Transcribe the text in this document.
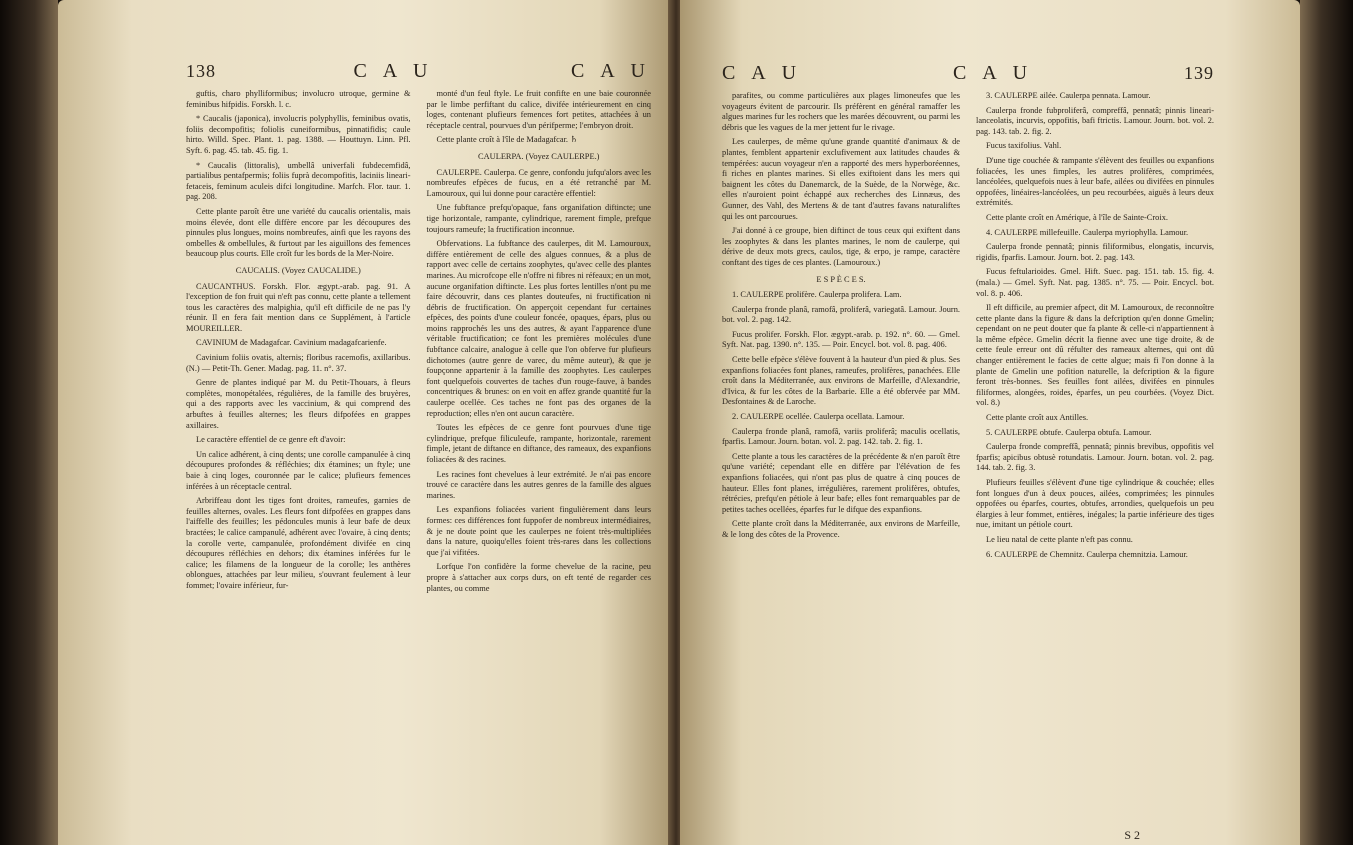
138	C A U	C A U

guftis, charo phylliformibus; involucro utroque, germine & feminibus hifpidis. Forskh. l. c.

* Caucalis (japonica), involucris polyphyllis, feminibus ovatis, foliis decompofitis; foliolis cuneiformibus, pinnatifidis; caule hirto. Willd. Spec. Plant. 1. pag. 1388. — Houttuyn. Linn. Pfl. Syft. 6. pag. 45. tab. 45. fig. 1.

* Caucalis (littoralis), umbellâ univerfali fubdecemfidâ, partialibus pentafpermis; foliis fuprà decompofitis, laciniis lineari-fetaceis, feminum aculeis difci longitudine. Marfch. Flor. taur. 1. pag. 208.

Cette plante paroît être une variété du caucalis orientalis, mais moins élevée, dont elle diffère encore par les découpures des pinnules plus longues, moins nombreufes, ainfi que les rayons des ombelles & ombellules, & furtout par les aiguillons des femences beaucoup plus courts. Elle croît fur les bords de la Mer-Noire.

CAUCALIS. (Voyez CAUCALIDE.)

CAUCANTHUS. Forskh. Flor. ægypt.-arab. pag. 91. A l'exception de fon fruit qui n'eft pas connu, cette plante a tellement tous les caractères des malpighia, qu'il eft difficile de ne pas l'y réunir. Il en fera fait mention dans ce Supplément, à l'article MOUREILLER.

CAVINIUM de Madagafcar. Cavinium madagafcarienfe.

Cavinium foliis ovatis, alternis; floribus racemofis, axillaribus. (N.) — Petit-Th. Gener. Madag. pag. 11. n°. 37.

Genre de plantes indiqué par M. du Petit-Thouars, à fleurs complètes, monopétalées, régulières, de la famille des bruyères, qui a des rapports avec les vaccinium, & qui comprend des arbuftes à feuilles alternes; les fleurs difpofées en grappes axillaires.

Le caractère effentiel de ce genre eft d'avoir:

Un calice adhérent, à cinq dents; une corolle campanulée à cinq découpures profondes & réfléchies; dix étamines; un ftyle; une baie à cinq loges, couronnée par le calice; plufieurs femences inférées à un réceptacle central.

Arbriffeau dont les tiges font droites, rameufes, garnies de feuilles alternes, ovales. Les fleurs font difpofées en grappes dans l'aiffelle des feuilles; les pédoncules munis à leur bafe de deux bractées; le calice campanulé, adhérent avec l'ovaire, à cinq dents; la corolle verte, campanulée, profondément divifée en cinq découpures réfléchies en dehors; dix étamines inférées fur le calice; les filamens de la longueur de la corolle; les anthères oblongues, attachées par leur milieu, s'ouvrant feulement à leur fommet; l'ovaire inférieur, fur-

monté d'un feul ftyle. Le fruit confifte en une baie couronnée par le limbe perfiftant du calice, divifée intérieurement en cinq loges, contenant plufieurs femences fort petites, attachées à un réceptacle central, pourvues d'un périfperme; l'embryon droit.

Cette plante croît à l'île de Madagafcar. ♄

CAULERPA. (Voyez CAULERPE.)

CAULERPE. Caulerpa. Ce genre, confondu jufqu'alors avec les nombreufes efpèces de fucus, en a été retranché par M. Lamouroux, qui lui donne pour caractère effentiel:

Une fubftance prefqu'opaque, fans organifation diftincte; une tige horizontale, rampante, cylindrique, rarement fimple, prefque toujours rameufe; la fructification inconnue.

Obfervations. La fubftance des caulerpes, dit M. Lamouroux, diffère entièrement de celle des algues connues, & a plus de rapport avec celle de certains zoophytes, qu'avec celle des plantes marines. Au microfcope elle n'offre ni fibres ni réfeaux; en un mot, aucune organifation diftincte. Les plus fortes lentilles n'ont pu me faire découvrir, dans ces plantes douteufes, ni fructification ni débris de fructification. On apperçoit cependant fur certaines efpèces, des points d'une couleur foncée, opaques, épars, plus ou moins rapprochés les uns des autres, & ayant l'apparence d'une véritable fructification; ce font les premières molécules d'une fubftance calcaire, analogue à celle que l'on obferve fur plufieurs dichotomes (autre genre de varec, du même auteur), & que je foupçonne appartenir à la famille des zoophytes. Les caulerpes font quelquefois couvertes de taches d'un rouge-fauve, à bandes concentriques & brunes: on en voit en affez grande quantité fur la caulerpe ocellée. Ces taches ne font pas des organes de la reproduction; elles n'en ont aucun caractère.

Toutes les efpèces de ce genre font pourvues d'une tige cylindrique, prefque filiculeufe, rampante, horizontale, rarement fimple, jetant de diftance en diftance, des rameaux, des expanfions foliacées & des racines.

Les racines font chevelues à leur extrémité. Je n'ai pas encore trouvé ce caractère dans les autres genres de la famille des algues marines.

Les expanfions foliacées varient fingulièrement dans leurs formes: ces différences font fuppofer de nombreux intermédiaires, & je ne doute point que les caulerpes ne foient très-multipliées dans la nature, quoiqu'elles foient très-rares dans les collections que j'ai vifitées.

Lorfque l'on confidère la forme chevelue de la racine, peu propre à s'attacher aux corps durs, on eft tenté de regarder ces plantes, ou comme

C A U	C A U	139

parafites, ou comme particulières aux plages limoneufes que les voyageurs évitent de parcourir. Ils préfèrent en général ramaffer les algues marines fur les rochers que les marées découvrent, ou parmi les débris que les vagues de la mer jettent fur le rivage.

Les caulerpes, de même qu'une grande quantité d'animaux & de plantes, femblent appartenir exclufivement aux latitudes chaudes & tempérées: aucun voyageur n'en a rapporté des mers hyperboréennes, fi riches en plantes marines. Si elles exiftoient dans les mers qui baignent les côtes du Danemarck, de la Suède, de la Norwège, &c. elles n'auroient point échappé aux recherches des Linnæus, des Gunner, des Vahl, des Mertens & de tant d'autres favans naturaliftes qui les ont parcourues.

J'ai donné à ce groupe, bien diftinct de tous ceux qui exiftent dans les zoophytes & dans les plantes marines, le nom de caulerpe, qui dérive de deux mots grecs, caulos, tige, & erpo, je rampe, caractère conftant des tiges de ces plantes. (Lamouroux.)

E S P È C E S.

1. CAULERPE prolifère. Caulerpa prolifera. Lam.

Caulerpa fronde planâ, ramofâ, proliferâ, variegatâ. Lamour. Journ. bot. vol. 2. pag. 142.

Fucus prolifer. Forskh. Flor. ægypt.-arab. p. 192. n°. 60. — Gmel. Syft. Nat. pag. 1390. n°. 135. — Poir. Encycl. bot. vol. 8. pag. 406.

Cette belle efpèce s'élève fouvent à la hauteur d'un pied & plus. Ses expanfions foliacées font planes, rameufes, prolifères, panachées. Elle croît dans la Méditerranée, aux environs de Marfeille, d'Alexandrie, d'Ivica, & fur les côtes de la Barbarie. Elle a été obfervée par MM. Desfontaines & de Laroche.

2. CAULERPE ocellée. Caulerpa ocellata. Lamour.

Caulerpa fronde planâ, ramofâ, variis proliferâ; maculis ocellatis, fparfis. Lamour. Journ. botan. vol. 2. pag. 142. tab. 2. fig. 1.

Cette plante a tous les caractères de la précédente & n'en paroît être qu'une variété; cependant elle en diffère par l'élévation de fes expanfions foliacées, qui n'ont pas plus de quatre à cinq pouces de hauteur. Elles font planes, irrégulières, rarement prolifères, obtufes, rétrécies, prefqu'en pétiole à leur bafe; elles font remarquables par de petites taches ocellées, éparfes fur le difque des expanfions.

Cette plante croît dans la Méditerranée, aux environs de Marfeille, & le long des côtes de la Provence.

3. CAULERPE ailée. Caulerpa pennata. Lamour.

Caulerpa fronde fubproliferâ, compreffâ, pennatâ; pinnis lineari-lanceolatis, incurvis, oppofitis, bafi ftrictis. Lamour. Journ. bot. vol. 2. pag. 143. tab. 2. fig. 2.

Fucus taxifolius. Vahl.

D'une tige couchée & rampante s'élèvent des feuilles ou expanfions foliacées, les unes fimples, les autres prolifères, comprimées, lancéolées, quelquefois nues à leur bafe, ailées ou divifées en pinnules oppofées, linéaires-lancéolées, un peu recourbées, aiguës à leurs deux extrémités.

Cette plante croît en Amérique, à l'île de Sainte-Croix.

4. CAULERPE millefeuille. Caulerpa myriophylla. Lamour.

Caulerpa fronde pennatâ; pinnis filiformibus, elongatis, incurvis, rigidis, fparfis. Lamour. Journ. bot. 2. pag. 143.

Fucus feftularioides. Gmel. Hift. Suec. pag. 151. tab. 15. fig. 4. (mala.) — Gmel. Syft. Nat. pag. 1385. n°. 75. — Poir. Encycl. bot. vol. 8. p. 406.

Il eft difficile, au premier afpect, dit M. Lamouroux, de reconnoître cette plante dans la figure & dans la defcription qu'en donne Gmelin; cependant on ne peut douter que fa plante & celle-ci n'appartiennent à la même efpèce. Gmelin décrit la fienne avec une tige droite, & de cette feule erreur ont dû réfulter des rameaux alternes, qui ont dû changer entièrement le facies de cette algue; mais fi l'on donne à la plante de Gmelin une pofition naturelle, la defcription & la figure feront très-bonnes. Ses feuilles font ailées, divifées en pinnules filiformes, alongées, roides, éparfes, un peu courbées. (Voyez Dict. vol. 8.)

Cette plante croît aux Antilles.

5. CAULERPE obtufe. Caulerpa obtufa. Lamour.

Caulerpa fronde compreffâ, pennatâ; pinnis brevibus, oppofitis vel fparfis; apicibus obtusè rotundatis. Lamour. Journ. botan. vol. 2. pag. 144. tab. 2. fig. 3.

Plufieurs feuilles s'élèvent d'une tige cylindrique & couchée; elles font longues d'un à deux pouces, ailées, comprimées; les pinnules oppofées ou éparfes, courtes, obtufes, arrondies, quelquefois un peu élargies à leur fommet, entières, inégales; la partie inférieure des tiges nue, imitant un pétiole court.

Le lieu natal de cette plante n'eft pas connu.

6. CAULERPE de Chemnitz. Caulerpa chemnitzia. Lamour.

S 2
